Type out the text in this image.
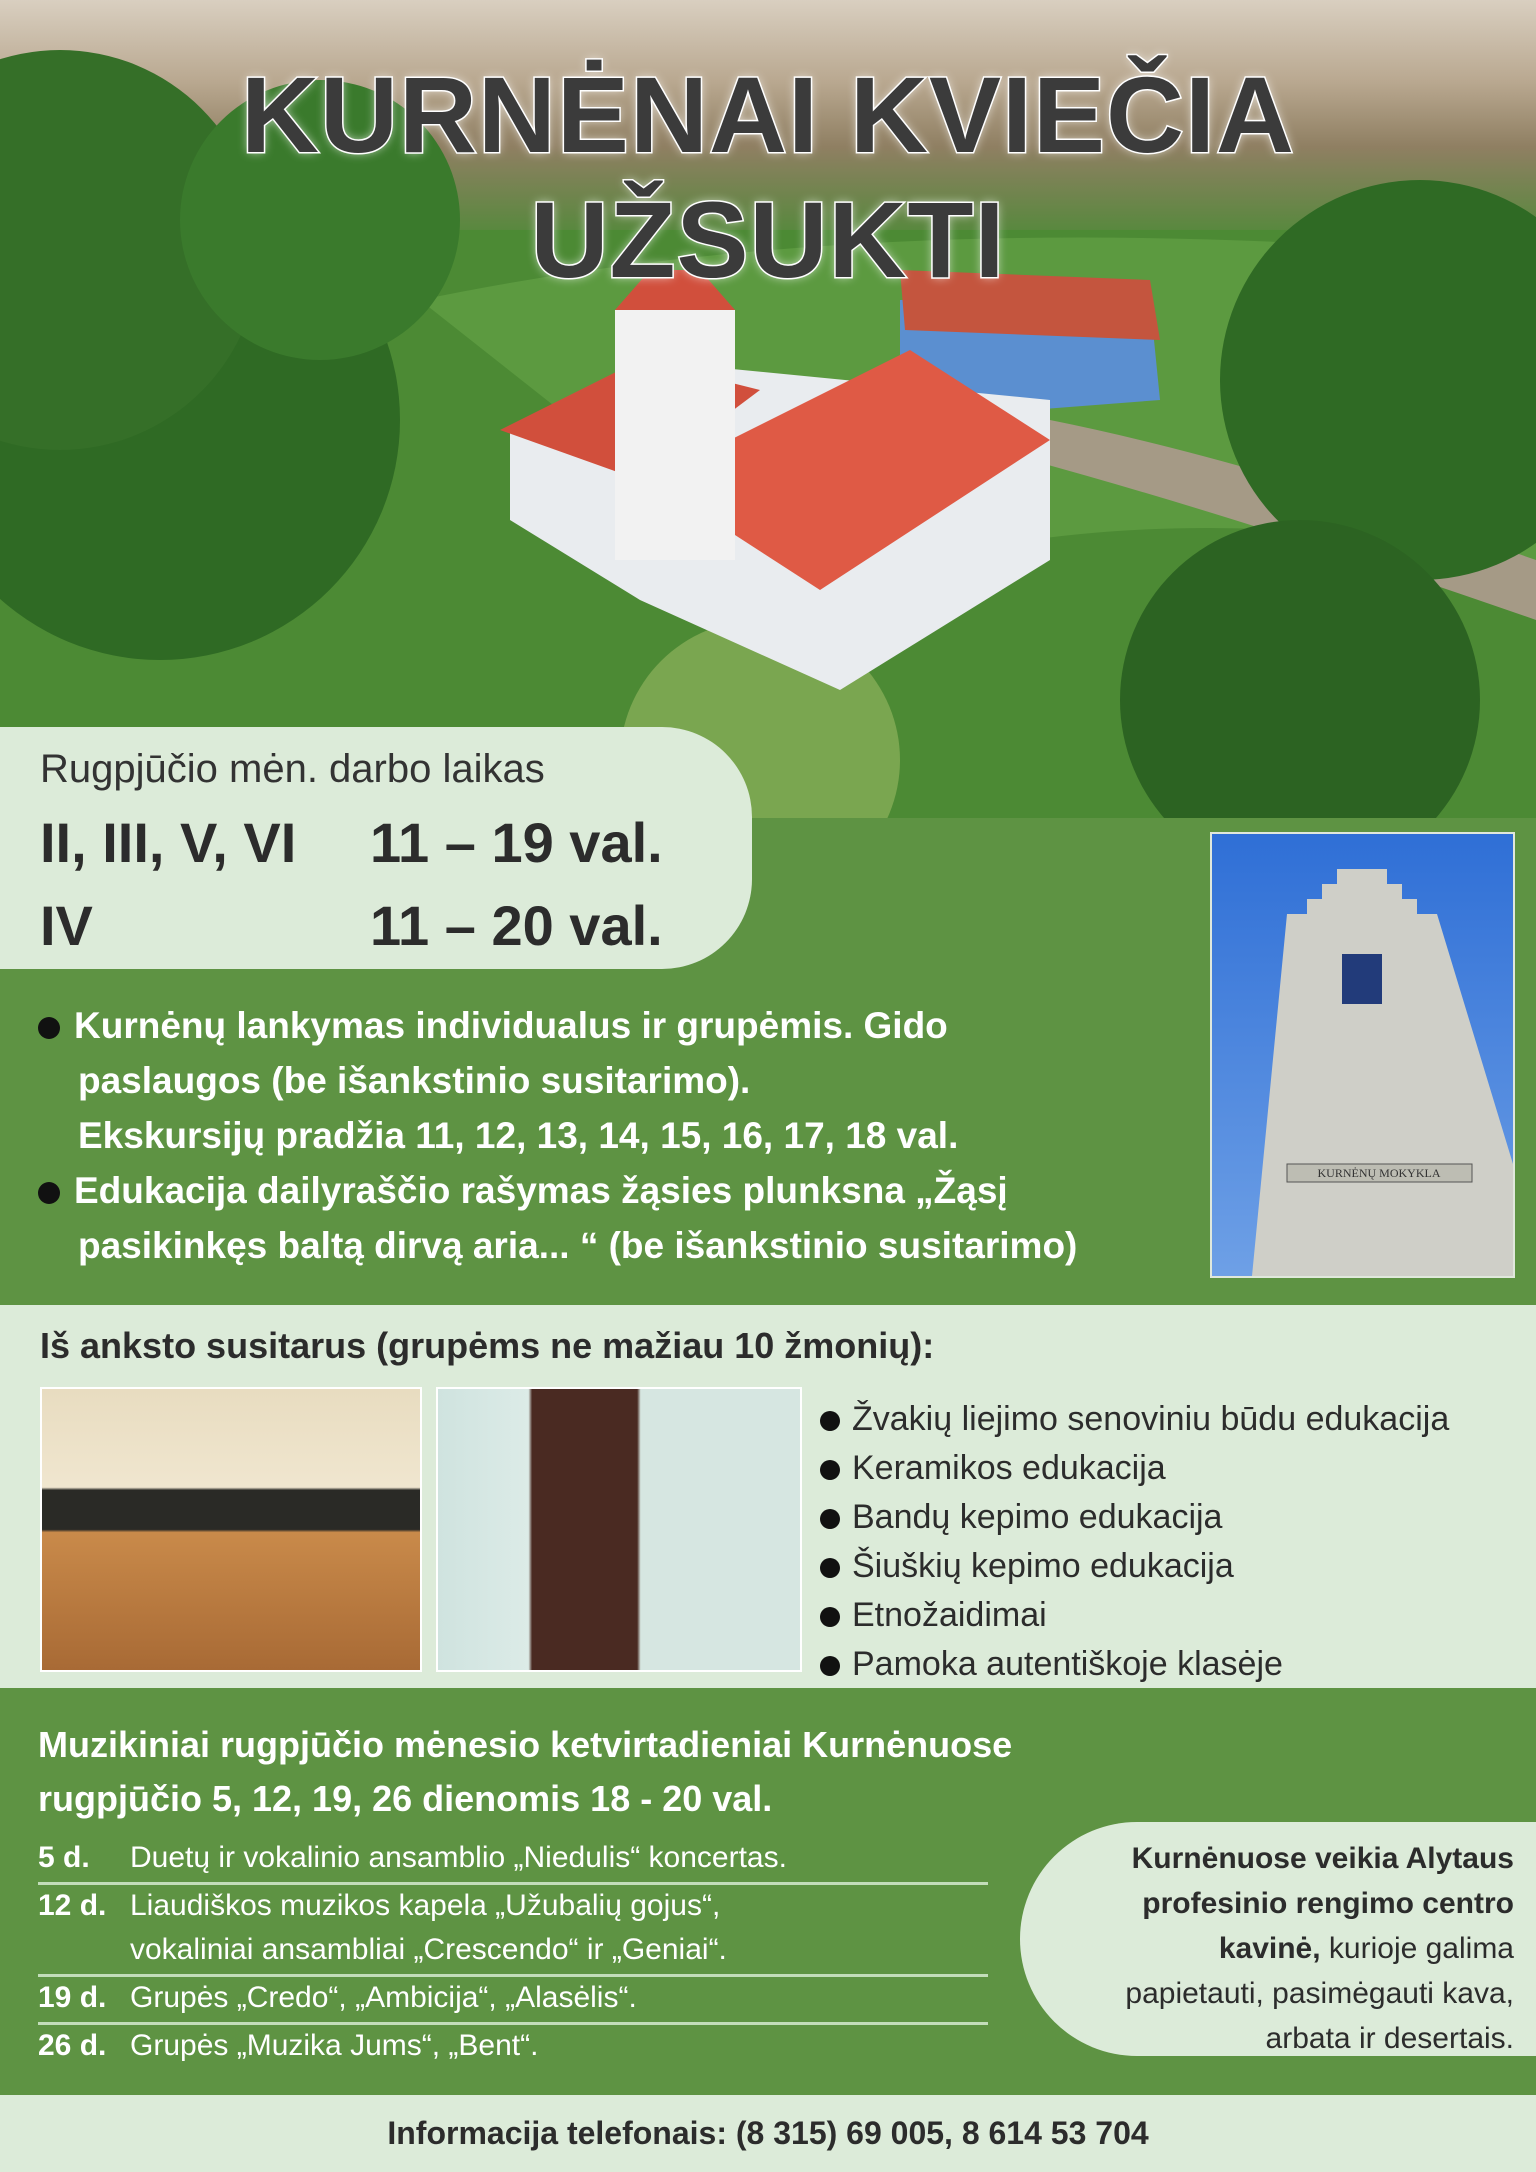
KURNĖNAI KVIEČIA UŽSUKTI
Kurnėnų lankymas individualus ir grupėmis. Gido
paslaugos (be išankstinio susitarimo).
Ekskursijų pradžia 11, 12, 13, 14, 15, 16, 17, 18 val.
Edukacija dailyraščio rašymas žąsies plunksna „Žąsį
pasikinkęs baltą dirvą aria... “ (be išankstinio susitarimo)
KURNĖNŲ MOKYKLA
Rugpjūčio mėn. darbo laikas
II, III, V, VI	11 – 19 val.
IV	11 – 20 val.
Iš anksto susitarus (grupėms ne mažiau 10 žmonių):
Žvakių liejimo senoviniu būdu edukacija
Keramikos edukacija
Bandų kepimo edukacija
Šiuškių kepimo edukacija
Etnožaidimai
Pamoka autentiškoje klasėje
Muzikiniai rugpjūčio mėnesio ketvirtadieniai Kurnėnuose
rugpjūčio 5, 12, 19, 26 dienomis 18 - 20 val.
5 d. Duetų ir vokalinio ansamblio „Niedulis“ koncertas.
12 d. Liaudiškos muzikos kapela „Užubalių gojus“,
vokaliniai ansambliai „Crescendo“ ir „Geniai“.
19 d. Grupės „Credo“, „Ambicija“, „Alasėlis“.
26 d. Grupės „Muzika Jums“, „Bent“.
Kurnėnuose veikia Alytaus
profesinio rengimo centro
kavinė, kurioje galima
papietauti, pasimėgauti kava,
arbata ir desertais.
Informacija telefonais: (8 315) 69 005, 8 614 53 704
